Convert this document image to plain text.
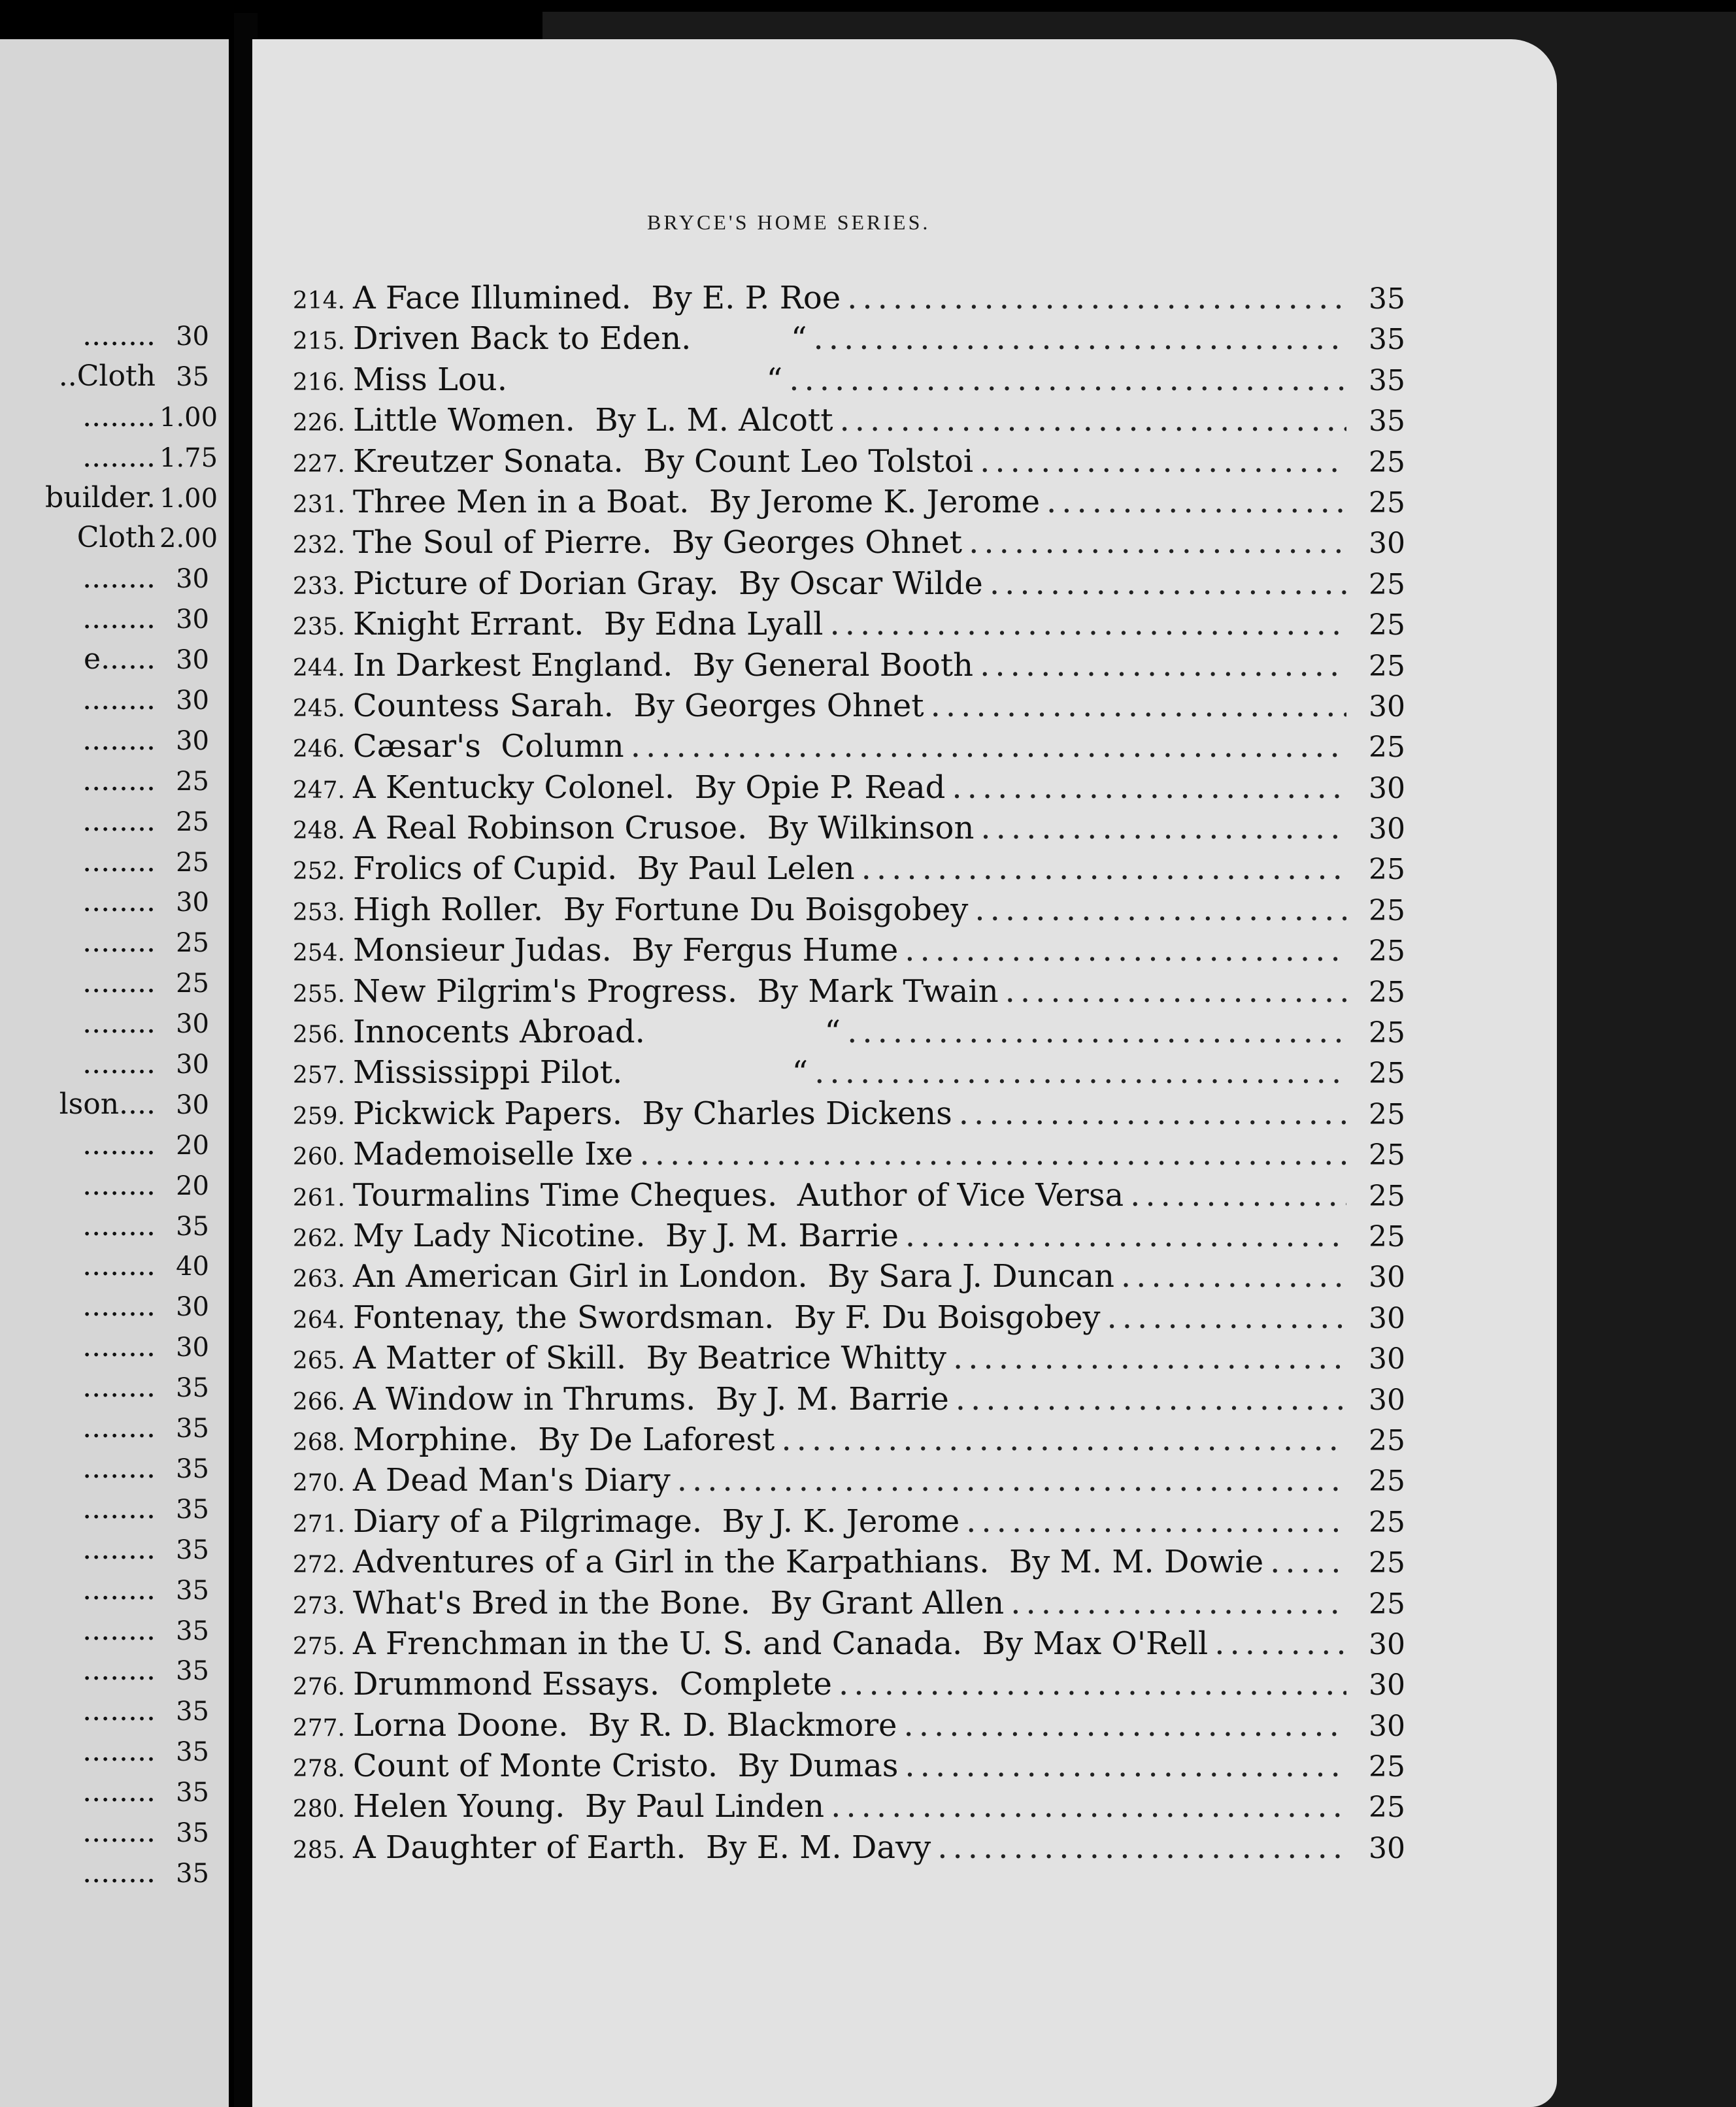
........ 30
..Cloth 35
........ 1.00
........ 1.75
builder. 1.00
Cloth 2.00
........ 30
........ 30
e...... 30
........ 30
........ 30
........ 25
........ 25
........ 25
........ 30
........ 25
........ 25
........ 30
........ 30
lson.... 30
........ 20
........ 20
........ 35
........ 40
........ 30
........ 30
........ 35
........ 35
........ 35
........ 35
........ 35
........ 35
........ 35
........ 35
........ 35
........ 35
........ 35
........ 35
........ 35
BRYCE'S HOME SERIES.
214. A Face Illumined.  By E. P. Roe .....	35
215. Driven Back to Eden.          “ .....	35
216. Miss Lou.                          “ .....	35
226. Little Women.  By L. M. Alcott .....	35
227. Kreutzer Sonata.  By Count Leo Tolstoi .....	25
231. Three Men in a Boat.  By Jerome K. Jerome .....	25
232. The Soul of Pierre.  By Georges Ohnet .....	30
233. Picture of Dorian Gray.  By Oscar Wilde .....	25
235. Knight Errant.  By Edna Lyall .....	25
244. In Darkest England.  By General Booth .....	25
245. Countess Sarah.  By Georges Ohnet .....	30
246. Cæsar's  Column .....	25
247. A Kentucky Colonel.  By Opie P. Read .....	30
248. A Real Robinson Crusoe.  By Wilkinson .....	30
252. Frolics of Cupid.  By Paul Lelen .....	25
253. High Roller.  By Fortune Du Boisgobey .....	25
254. Monsieur Judas.  By Fergus Hume .....	25
255. New Pilgrim's Progress.  By Mark Twain .....	25
256. Innocents Abroad.                  “ .....	25
257. Mississippi Pilot.                 “ .....	25
259. Pickwick Papers.  By Charles Dickens .....	25
260. Mademoiselle Ixe .....	25
261. Tourmalins Time Cheques.  Author of Vice Versa .....	25
262. My Lady Nicotine.  By J. M. Barrie .....	25
263. An American Girl in London.  By Sara J. Duncan .....	30
264. Fontenay, the Swordsman.  By F. Du Boisgobey .....	30
265. A Matter of Skill.  By Beatrice Whitty .....	30
266. A Window in Thrums.  By J. M. Barrie .....	30
268. Morphine.  By De Laforest .....	25
270. A Dead Man's Diary .....	25
271. Diary of a Pilgrimage.  By J. K. Jerome .....	25
272. Adventures of a Girl in the Karpathians.  By M. M. Dowie .....	25
273. What's Bred in the Bone.  By Grant Allen .....	25
275. A Frenchman in the U. S. and Canada.  By Max O'Rell .....	30
276. Drummond Essays.  Complete .....	30
277. Lorna Doone.  By R. D. Blackmore .....	30
278. Count of Monte Cristo.  By Dumas .....	25
280. Helen Young.  By Paul Linden .....	25
285. A Daughter of Earth.  By E. M. Davy .....	30
